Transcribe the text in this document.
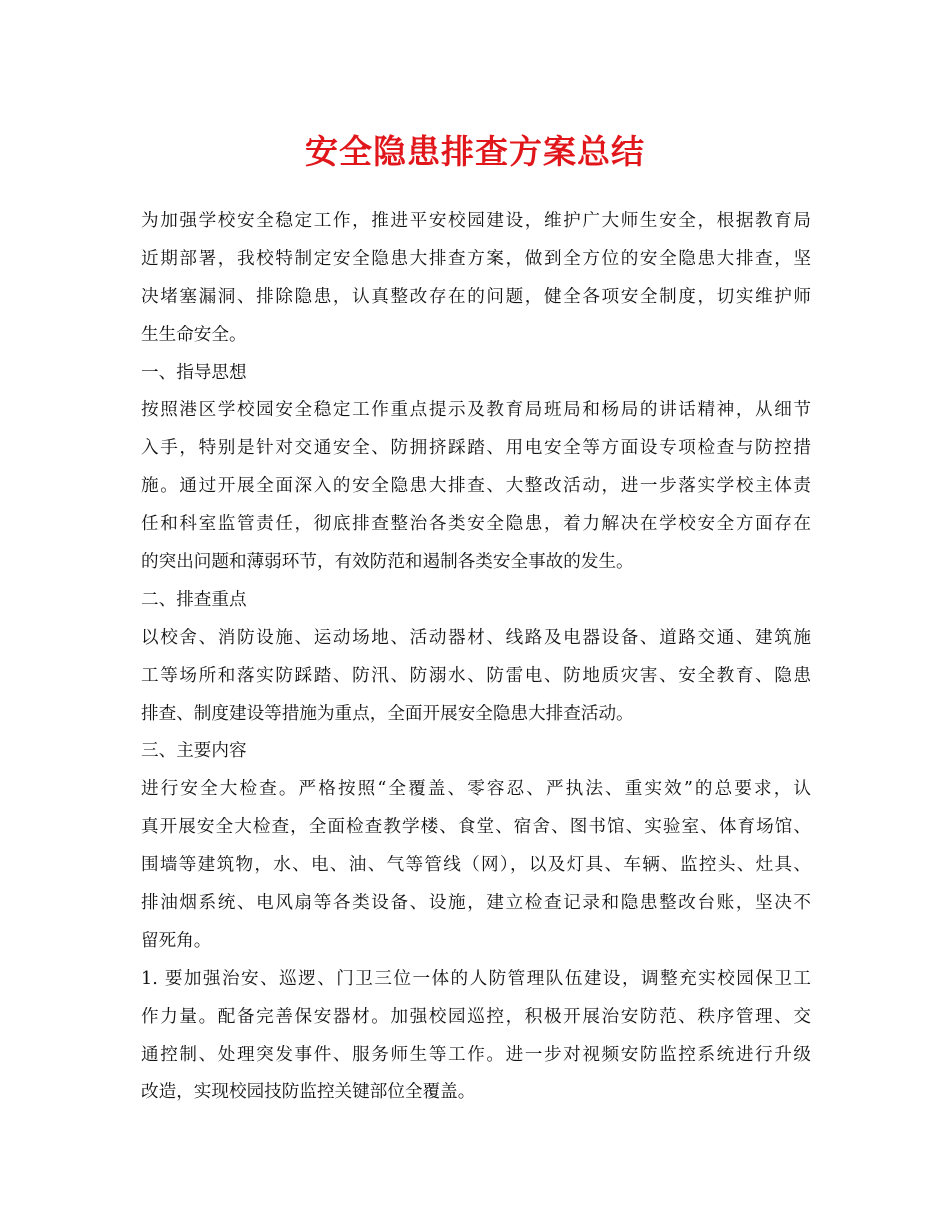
安全隐患排查方案总结
为加强学校安全稳定工作，推进平安校园建设，维护广大师生安全，根据教育局
近期部署，我校特制定安全隐患大排查方案，做到全方位的安全隐患大排查，坚
决堵塞漏洞、排除隐患，认真整改存在的问题，健全各项安全制度，切实维护师
生生命安全。
一、指导思想
按照港区学校园安全稳定工作重点提示及教育局班局和杨局的讲话精神，从细节
入手，特别是针对交通安全、防拥挤踩踏、用电安全等方面设专项检查与防控措
施。通过开展全面深入的安全隐患大排查、大整改活动，进一步落实学校主体责
任和科室监管责任，彻底排查整治各类安全隐患，着力解决在学校安全方面存在
的突出问题和薄弱环节，有效防范和遏制各类安全事故的发生。
二、排查重点
以校舍、消防设施、运动场地、活动器材、线路及电器设备、道路交通、建筑施
工等场所和落实防踩踏、防汛、防溺水、防雷电、防地质灾害、安全教育、隐患
排查、制度建设等措施为重点，全面开展安全隐患大排查活动。
三、主要内容
进行安全大检查。严格按照“全覆盖、零容忍、严执法、重实效”的总要求，认
真开展安全大检查，全面检查教学楼、食堂、宿舍、图书馆、实验室、体育场馆、
围墙等建筑物，水、电、油、气等管线（网），以及灯具、车辆、监控头、灶具、
排油烟系统、电风扇等各类设备、设施，建立检查记录和隐患整改台账，坚决不
留死角。
1. 要加强治安、巡逻、门卫三位一体的人防管理队伍建设，调整充实校园保卫工
作力量。配备完善保安器材。加强校园巡控，积极开展治安防范、秩序管理、交
通控制、处理突发事件、服务师生等工作。进一步对视频安防监控系统进行升级
改造，实现校园技防监控关键部位全覆盖。
